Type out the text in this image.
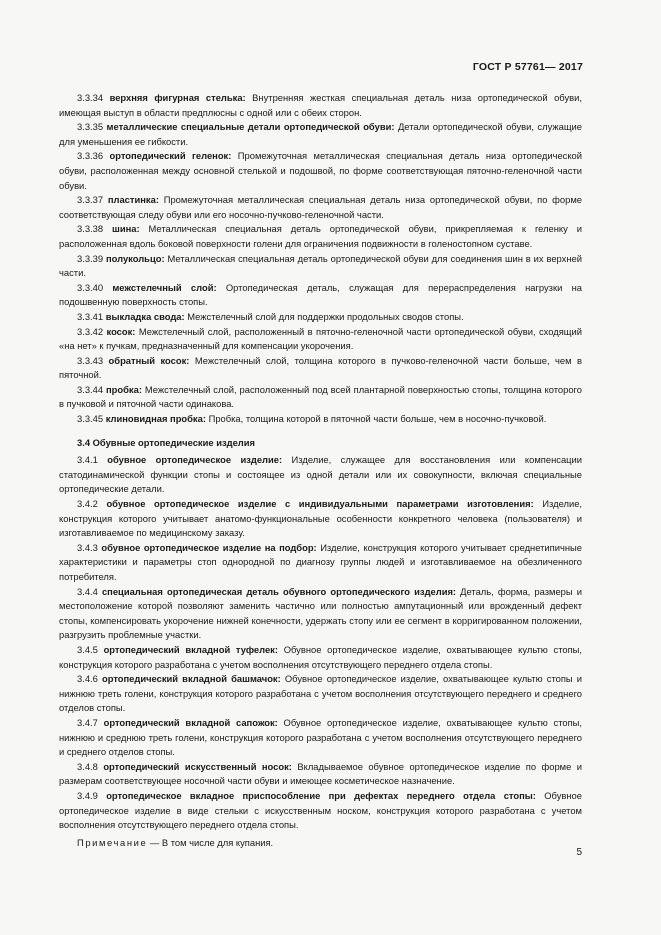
ГОСТ Р 57761— 2017

3.3.34 верхняя фигурная стелька: Внутренняя жесткая специальная деталь низа ортопедической обуви, имеющая выступ в области предплюсны с одной или с обеих сторон.

3.3.35 металлические специальные детали ортопедической обуви: Детали ортопедической обуви, служащие для уменьшения ее гибкости.

3.3.36 ортопедический геленок: Промежуточная металлическая специальная деталь низа ортопедической обуви, расположенная между основной стелькой и подошвой, по форме соответствующая пяточно-геленочной части обуви.

3.3.37 пластинка: Промежуточная металлическая специальная деталь низа ортопедической обуви, по форме соответствующая следу обуви или его носочно-пучково-геленочной части.

3.3.38 шина: Металлическая специальная деталь ортопедической обуви, прикрепляемая к геленку и расположенная вдоль боковой поверхности голени для ограничения подвижности в голеностопном суставе.

3.3.39 полукольцо: Металлическая специальная деталь ортопедической обуви для соединения шин в их верхней части.

3.3.40 межстелечный слой: Ортопедическая деталь, служащая для перераспределения нагрузки на подошвенную поверхность стопы.

3.3.41 выкладка свода: Межстелечный слой для поддержки продольных сводов стопы.

3.3.42 косок: Межстелечный слой, расположенный в пяточно-геленочной части ортопедической обуви, сходящий «на нет» к пучкам, предназначенный для компенсации укорочения.

3.3.43 обратный косок: Межстелечный слой, толщина которого в пучково-геленочной части больше, чем в пяточной.

3.3.44 пробка: Межстелечный слой, расположенный под всей плантарной поверхностью стопы, толщина которого в пучковой и пяточной части одинакова.

3.3.45 клиновидная пробка: Пробка, толщина которой в пяточной части больше, чем в носочно-пучковой.

3.4 Обувные ортопедические изделия

3.4.1 обувное ортопедическое изделие: Изделие, служащее для восстановления или компенсации статодинамической функции стопы и состоящее из одной детали или их совокупности, включая специальные ортопедические детали.

3.4.2 обувное ортопедическое изделие с индивидуальными параметрами изготовления: Изделие, конструкция которого учитывает анатомо-функциональные особенности конкретного человека (пользователя) и изготавливаемое по медицинскому заказу.

3.4.3 обувное ортопедическое изделие на подбор: Изделие, конструкция которого учитывает среднетипичные характеристики и параметры стоп однородной по диагнозу группы людей и изготавливаемое на обезличенного потребителя.

3.4.4 специальная ортопедическая деталь обувного ортопедического изделия: Деталь, форма, размеры и местоположение которой позволяют заменить частично или полностью ампутационный или врожденный дефект стопы, компенсировать укорочение нижней конечности, удержать стопу или ее сегмент в корригированном положении, разгрузить проблемные участки.

3.4.5 ортопедический вкладной туфелек: Обувное ортопедическое изделие, охватывающее культю стопы, конструкция которого разработана с учетом восполнения отсутствующего переднего отдела стопы.

3.4.6 ортопедический вкладной башмачок: Обувное ортопедическое изделие, охватывающее культю стопы и нижнюю треть голени, конструкция которого разработана с учетом восполнения отсутствующего переднего и среднего отделов стопы.

3.4.7 ортопедический вкладной сапожок: Обувное ортопедическое изделие, охватывающее культю стопы, нижнюю и среднюю треть голени, конструкция которого разработана с учетом восполнения отсутствующего переднего и среднего отделов стопы.

3.4.8 ортопедический искусственный носок: Вкладываемое обувное ортопедическое изделие по форме и размерам соответствующее носочной части обуви и имеющее косметическое назначение.

3.4.9 ортопедическое вкладное приспособление при дефектах переднего отдела стопы: Обувное ортопедическое изделие в виде стельки с искусственным носком, конструкция которого разработана с учетом восполнения отсутствующего переднего отдела стопы.

Примечание — В том числе для купания.

5
